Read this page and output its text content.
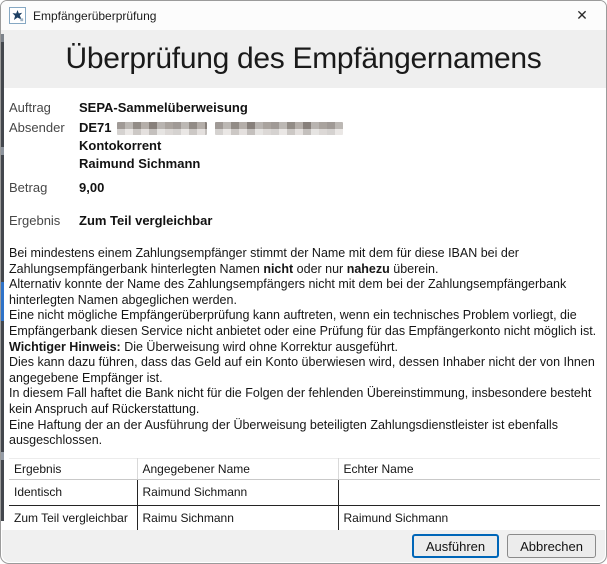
Empfängerüberprüfung	✕
Überprüfung des Empfängernamens
Auftrag	SEPA-Sammelüberweisung
Absender	DE71
Kontokorrent
Raimund Sichmann
Betrag	9,00
Ergebnis	Zum Teil vergleichbar

Bei mindestens einem Zahlungsempfänger stimmt der Name mit dem für diese IBAN bei der Zahlungsempfängerbank hinterlegten Namen nicht oder nur nahezu überein.

Alternativ konnte der Name des Zahlungsempfängers nicht mit dem bei der Zahlungsempfängerbank hinterlegten Namen abgeglichen werden.

Eine nicht mögliche Empfängerüberprüfung kann auftreten, wenn ein technisches Problem vorliegt, die Empfängerbank diesen Service nicht anbietet oder eine Prüfung für das Empfängerkonto nicht möglich ist.

Wichtiger Hinweis: Die Überweisung wird ohne Korrektur ausgeführt.

Dies kann dazu führen, dass das Geld auf ein Konto überwiesen wird, dessen Inhaber nicht der von Ihnen angegebene Empfänger ist.

In diesem Fall haftet die Bank nicht für die Folgen der fehlenden Übereinstimmung, insbesondere besteht kein Anspruch auf Rückerstattung.

Eine Haftung der an der Ausführung der Überweisung beteiligten Zahlungsdienstleister ist ebenfalls ausgeschlossen.

Ergebnis	Angegebener Name	Echter Name
Identisch	Raimund Sichmann	
Zum Teil vergleichbar	Raimu Sichmann	Raimund Sichmann
Ausführen	Abbrechen
